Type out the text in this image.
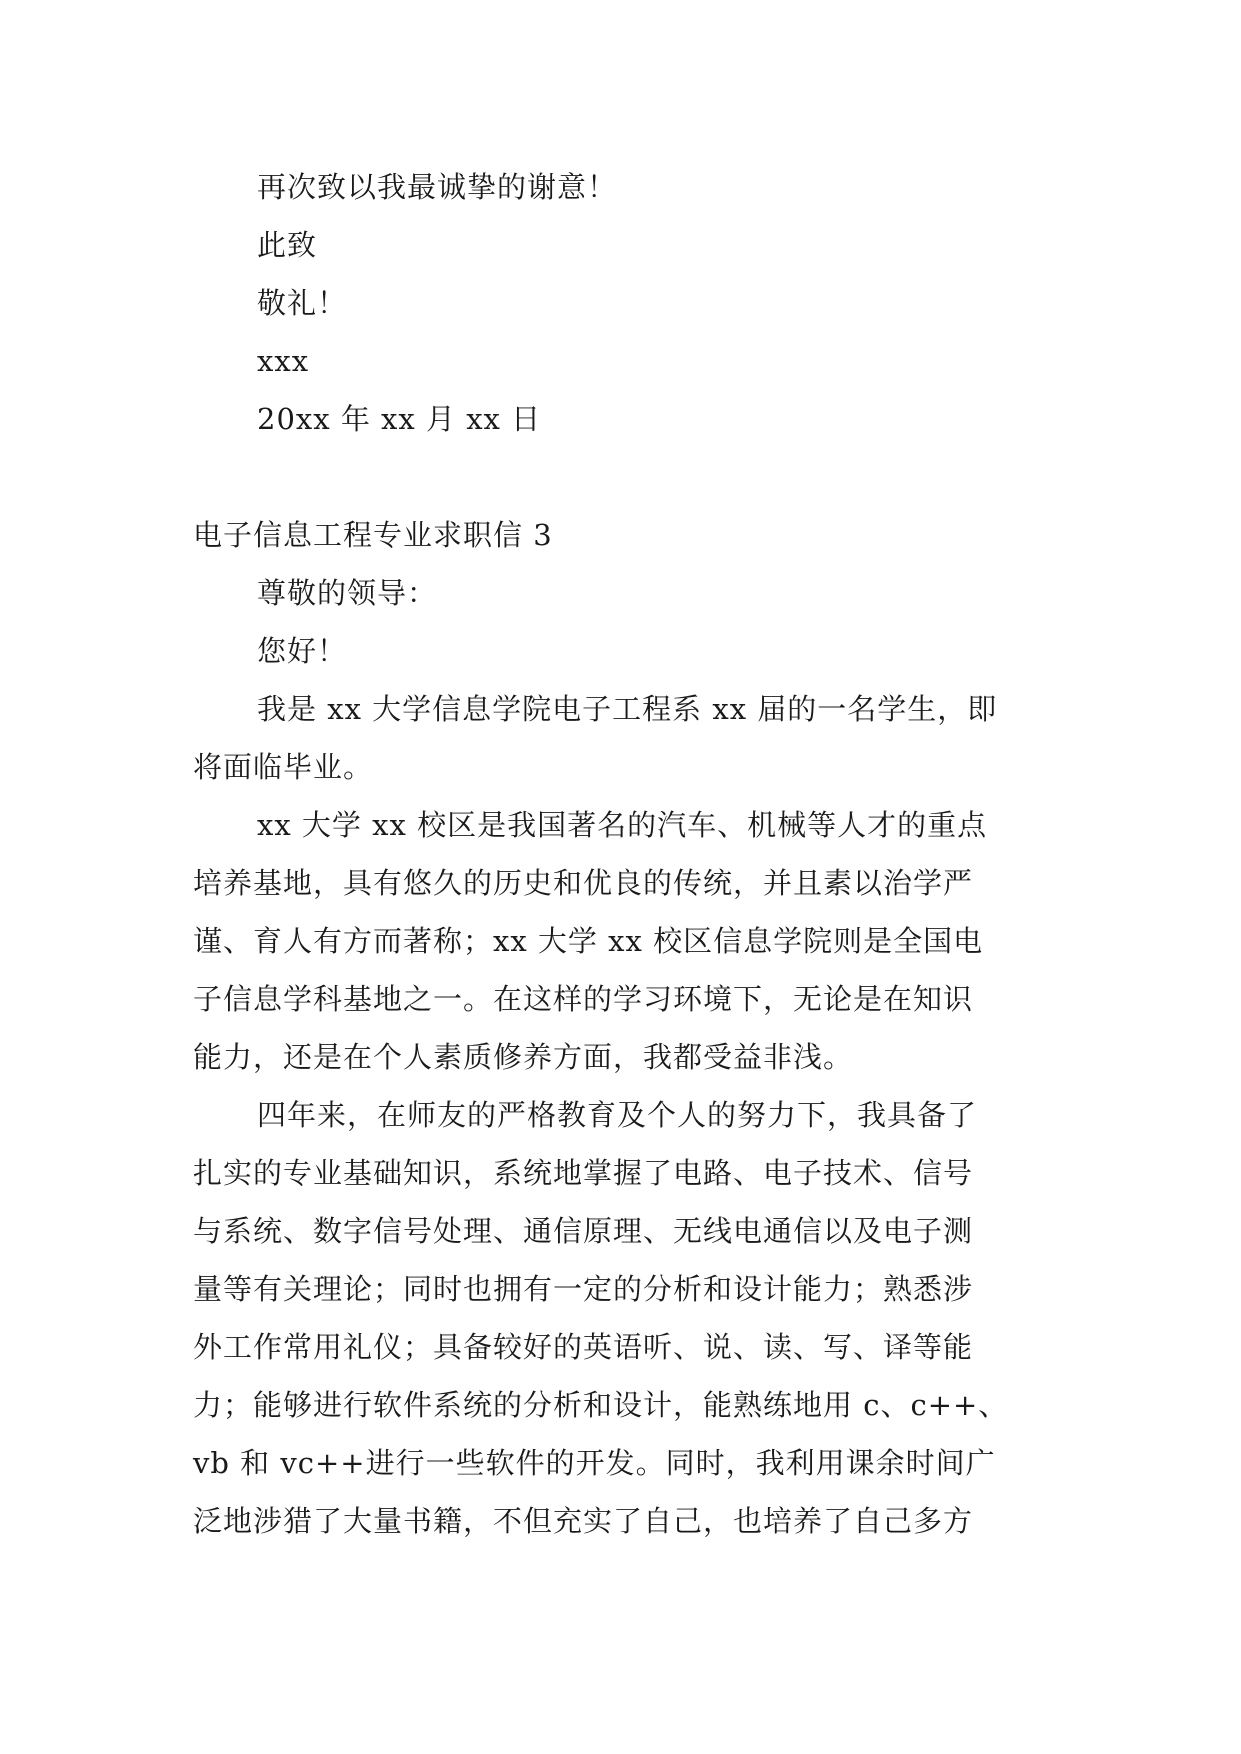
再次致以我最诚挚的谢意！
此致
敬礼！
xxx
20xx 年 xx 月 xx 日
电子信息工程专业求职信 3
尊敬的领导：
您好！
我是 xx 大学信息学院电子工程系 xx 届的一名学生，即
将面临毕业。
xx 大学 xx 校区是我国著名的汽车、机械等人才的重点
培养基地，具有悠久的历史和优良的传统，并且素以治学严
谨、育人有方而著称；xx 大学 xx 校区信息学院则是全国电
子信息学科基地之一。在这样的学习环境下，无论是在知识
能力，还是在个人素质修养方面，我都受益非浅。
四年来，在师友的严格教育及个人的努力下，我具备了
扎实的专业基础知识，系统地掌握了电路、电子技术、信号
与系统、数字信号处理、通信原理、无线电通信以及电子测
量等有关理论；同时也拥有一定的分析和设计能力；熟悉涉
外工作常用礼仪；具备较好的英语听、说、读、写、译等能
力；能够进行软件系统的分析和设计，能熟练地用 c、c++、
vb 和 vc++进行一些软件的开发。同时，我利用课余时间广
泛地涉猎了大量书籍，不但充实了自己，也培养了自己多方
